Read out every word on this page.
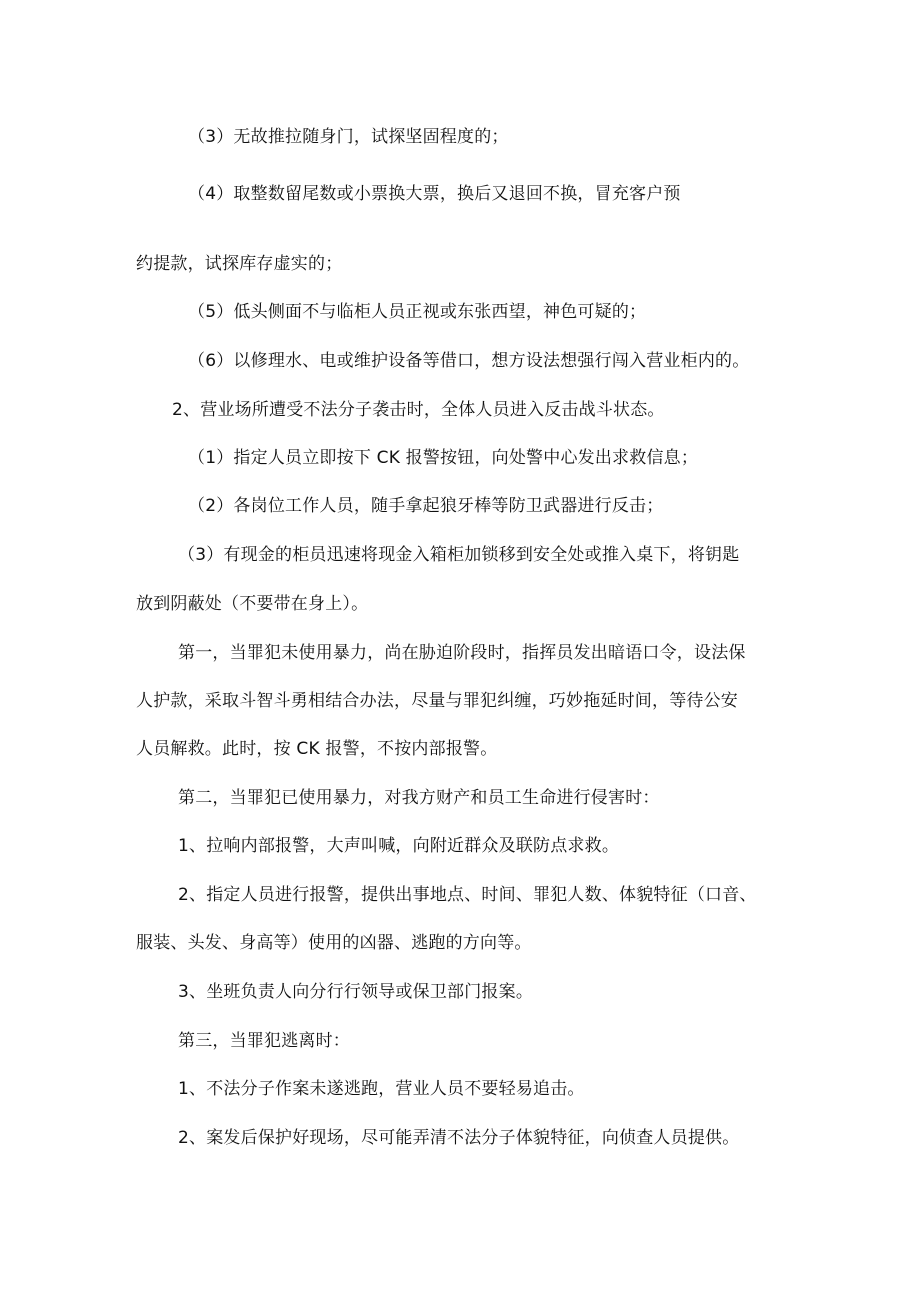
（3）无故推拉随身门，试探坚固程度的；
（4）取整数留尾数或小票换大票，换后又退回不换，冒充客户预
约提款，试探库存虚实的；
（5）低头侧面不与临柜人员正视或东张西望，神色可疑的；
（6）以修理水、电或维护设备等借口，想方设法想强行闯入营业柜内的。
2、营业场所遭受不法分子袭击时，全体人员进入反击战斗状态。
（1）指定人员立即按下 CK 报警按钮，向处警中心发出求救信息；
（2）各岗位工作人员，随手拿起狼牙棒等防卫武器进行反击；
（3）有现金的柜员迅速将现金入箱柜加锁移到安全处或推入桌下，将钥匙
放到阴蔽处（不要带在身上）。
第一，当罪犯未使用暴力，尚在胁迫阶段时，指挥员发出暗语口令，设法保
人护款，采取斗智斗勇相结合办法，尽量与罪犯纠缠，巧妙拖延时间，等待公安
人员解救。此时，按 CK 报警，不按内部报警。
第二，当罪犯已使用暴力，对我方财产和员工生命进行侵害时：
1、拉响内部报警，大声叫喊，向附近群众及联防点求救。
2、指定人员进行报警，提供出事地点、时间、罪犯人数、体貌特征（口音、
服装、头发、身高等）使用的凶器、逃跑的方向等。
3、坐班负责人向分行行领导或保卫部门报案。
第三，当罪犯逃离时：
1、不法分子作案未遂逃跑，营业人员不要轻易追击。
2、案发后保护好现场，尽可能弄清不法分子体貌特征，向侦查人员提供。
